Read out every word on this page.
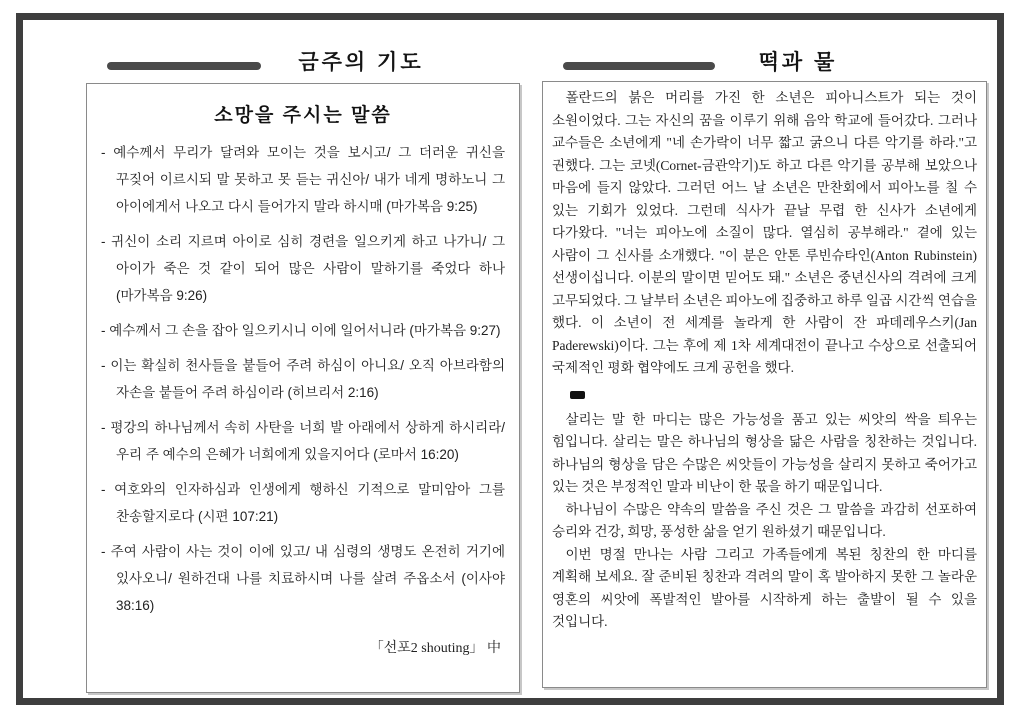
금주의 기도	떡과 물
소망을 주시는 말씀
- 예수께서 무리가 달려와 모이는 것을 보시고/ 그 더러운 귀신을 꾸짖어 이르시되 말 못하고 못 듣는 귀신아/ 내가 네게 명하노니 그 아이에게서 나오고 다시 들어가지 말라 하시매 (마가복음 9:25)
- 귀신이 소리 지르며 아이로 심히 경련을 일으키게 하고 나가니/ 그 아이가 죽은 것 같이 되어 많은 사람이 말하기를 죽었다 하나 (마가복음 9:26)
- 예수께서 그 손을 잡아 일으키시니 이에 일어서니라 (마가복음 9:27)
- 이는 확실히 천사들을 붙들어 주려 하심이 아니요/ 오직 아브라함의 자손을 붙들어 주려 하심이라 (히브리서 2:16)
- 평강의 하나님께서 속히 사탄을 너희 발 아래에서 상하게 하시리라/ 우리 주 예수의 은혜가 너희에게 있을지어다 (로마서 16:20)
- 여호와의 인자하심과 인생에게 행하신 기적으로 말미암아 그를 찬송할지로다 (시편 107:21)
- 주여 사람이 사는 것이 이에 있고/ 내 심령의 생명도 온전히 거기에 있사오니/ 원하건대 나를 치료하시며 나를 살려 주옵소서 (이사야 38:16)
「선포2 shouting」 中

폴란드의 붉은 머리를 가진 한 소년은 피아니스트가 되는 것이 소원이었다. 그는 자신의 꿈을 이루기 위해 음악 학교에 들어갔다. 그러나 교수들은 소년에게 "네 손가락이 너무 짧고 굵으니 다른 악기를 하라."고 권했다. 그는 코넷(Cornet-금관악기)도 하고 다른 악기를 공부해 보았으나 마음에 들지 않았다. 그러던 어느 날 소년은 만찬회에서 피아노를 칠 수 있는 기회가 있었다. 그런데 식사가 끝날 무렵 한 신사가 소년에게 다가왔다. "너는 피아노에 소질이 많다. 열심히 공부해라." 곁에 있는 사람이 그 신사를 소개했다. "이 분은 안톤 루빈슈타인(Anton Rubinstein) 선생이십니다. 이분의 말이면 믿어도 돼." 소년은 중년신사의 격려에 크게 고무되었다. 그 날부터 소년은 피아노에 집중하고 하루 일곱 시간씩 연습을 했다. 이 소년이 전 세계를 놀라게 한 사람이 잔 파데레우스키(Jan Paderewski)이다. 그는 후에 제 1차 세계대전이 끝나고 수상으로 선출되어 국제적인 평화 협약에도 크게 공헌을 했다.

살리는 말 한 마디는 많은 가능성을 품고 있는 씨앗의 싹을 틔우는 힘입니다. 살리는 말은 하나님의 형상을 닮은 사람을 칭찬하는 것입니다. 하나님의 형상을 담은 수많은 씨앗들이 가능성을 살리지 못하고 죽어가고 있는 것은 부정적인 말과 비난이 한 몫을 하기 때문입니다.

하나님이 수많은 약속의 말씀을 주신 것은 그 말씀을 과감히 선포하여 승리와 건강, 희망, 풍성한 삶을 얻기 원하셨기 때문입니다.

이번 명절 만나는 사람 그리고 가족들에게 복된 칭찬의 한 마디를 계획해 보세요. 잘 준비된 칭찬과 격려의 말이 혹 발아하지 못한 그 놀라운 영혼의 씨앗에 폭발적인 발아를 시작하게 하는 출발이 될 수 있을 것입니다.
